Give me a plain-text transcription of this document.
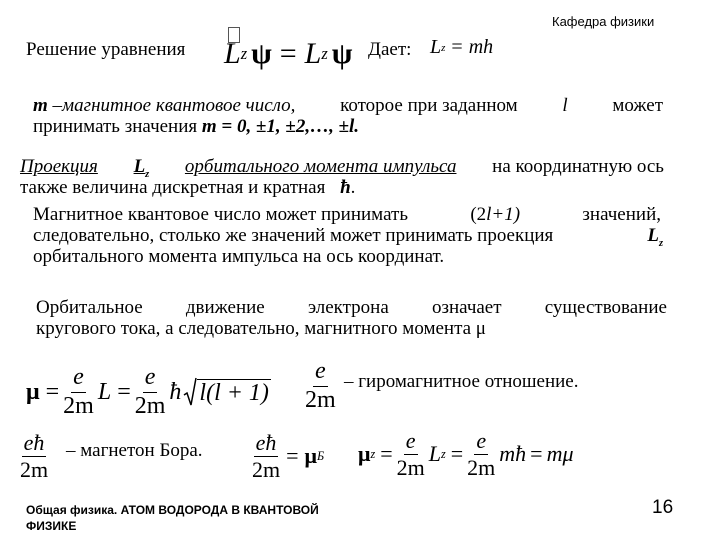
Кафедра физики
Решение уравнения L z ψ = L z ψ Дает: L z = mh
m –магнитное квантовое число, которое при заданном l может
принимать значения m = 0, ±1, ±2,…, ±l.
Проекция $L_z$ орбитального момента импульса на координатную ось
также величина дискретная и кратная ħ.
Магнитное квантовое число может принимать	(2l+1)	значений,
следовательно, столько же значений может принимать проекция	$L_z$
орбитального момента импульса на ось координат.
Орбитальное движение электрона означает существование
кругового тока, а следовательно, магнитного момента μ
$\mu = \frac{e}{2m}$ $L = \frac{e}{2m}$ ħ $l(l + 1) \frac{e}{2m}$ – гиромагнитное отношение.
$\frac{eħ}{2m}$ – магнетон Бора. $\frac{eħ}{2m} = \mu$ Б μ $z = \frac{e}{2m}$ L $z = \frac{e}{2m}$ mħ = mμ
Общая физика. АТОМ ВОДОРОДА В КВАНТОВОЙ
ФИЗИКЕ
16
